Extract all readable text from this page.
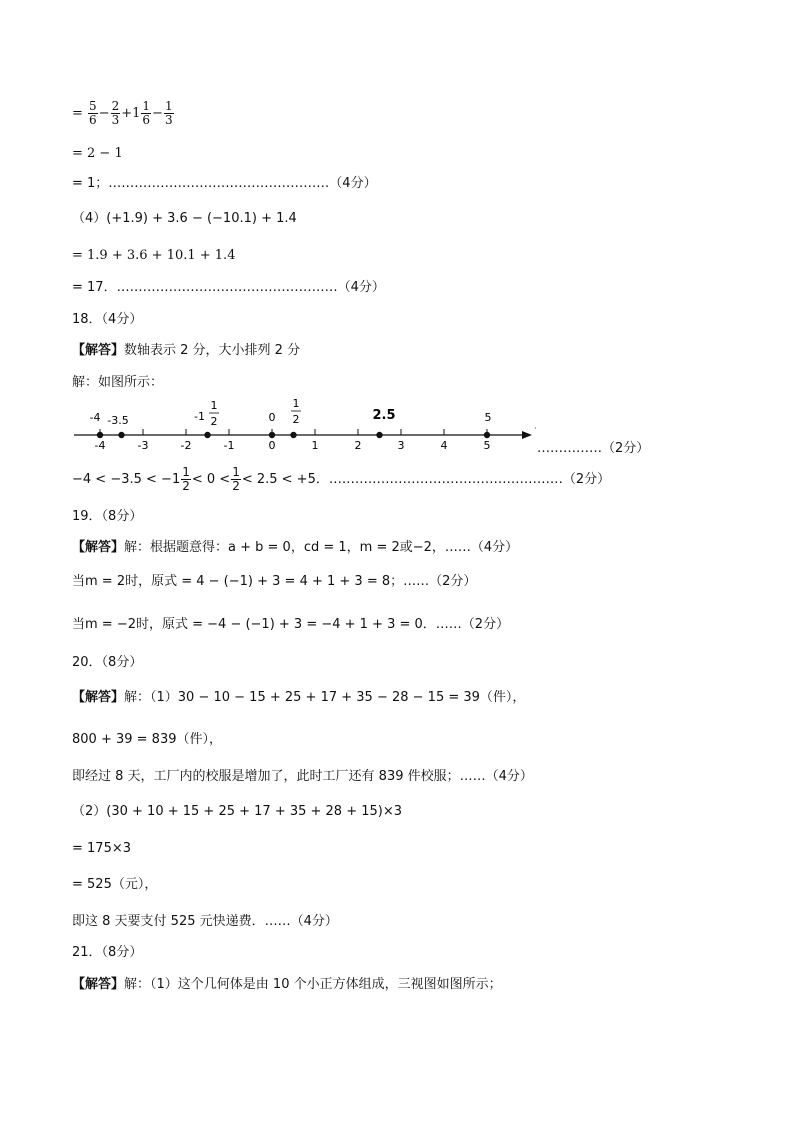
= $\frac{5}{6} - \frac{2}{3} +1 \frac{1}{6} - \frac{1}{3}$
= 2 − 1
= 1；……………………………………………（4分）
（4）(+1.9) + 3.6 − (−10.1) + 1.4
= 1.9 + 3.6 + 10.1 + 1.4
= 17．……………………………………………（4分）
18．（4分）
【解答】数轴表示 2 分，大小排列 2 分
解：如图所示：
·
-4	-3	-2	-1	0	1	2	3	4	5
-4 -3.5	-1
1
2	0
1
2	2.5	5
……………（2分）
$-4 < -3.5 < -1 \frac{1}{2} < 0 < \frac{1}{2} < 2.5 < +5$．………………………………………………（2分）
19．（8分）
【解答】解：根据题意得：a + b = 0，cd = 1，m = 2或−2，……（4分）
当m = 2时，原式 = 4 − (−1) + 3 = 4 + 1 + 3 = 8；……（2分）
当m = −2时，原式 = −4 − (−1) + 3 = −4 + 1 + 3 = 0．……（2分）
20．（8分）
【解答】解：（1）30 − 10 − 15 + 25 + 17 + 35 − 28 − 15 = 39（件），
800 + 39 = 839（件），
即经过 8 天，工厂内的校服是增加了，此时工厂还有 839 件校服；……（4分）
（2）(30 + 10 + 15 + 25 + 17 + 35 + 28 + 15)×3
= 175×3
= 525（元），
即这 8 天要支付 525 元快递费．……（4分）
21．（8分）
【解答】解：（1）这个几何体是由 10 个小正方体组成，三视图如图所示；
